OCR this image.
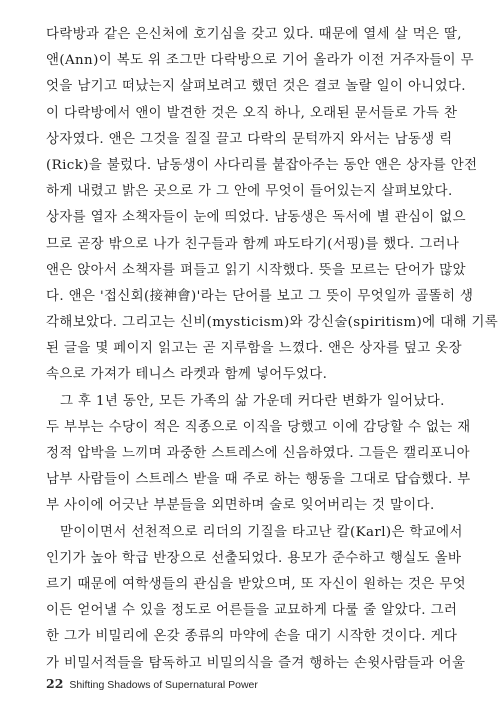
다락방과 같은 은신처에 호기심을 갖고 있다. 때문에 열세 살 먹은 딸,
앤(Ann)이 복도 위 조그만 다락방으로 기어 올라가 이전 거주자들이 무
엇을 남기고 떠났는지 살펴보려고 했던 것은 결코 놀랄 일이 아니었다.
이 다락방에서 앤이 발견한 것은 오직 하나, 오래된 문서들로 가득 찬
상자였다. 앤은 그것을 질질 끌고 다락의 문턱까지 와서는 남동생 릭
(Rick)을 불렀다. 남동생이 사다리를 붙잡아주는 동안 앤은 상자를 안전
하게 내렸고 밝은 곳으로 가 그 안에 무엇이 들어있는지 살펴보았다.
상자를 열자 소책자들이 눈에 띄었다. 남동생은 독서에 별 관심이 없으
므로 곧장 밖으로 나가 친구들과 함께 파도타기(서핑)를 했다. 그러나
앤은 앉아서 소책자를 펴들고 읽기 시작했다. 뜻을 모르는 단어가 많았
다. 앤은 '접신회(接神會)'라는 단어를 보고 그 뜻이 무엇일까 골똘히 생
각해보았다. 그리고는 신비(mysticism)와 강신술(spiritism)에 대해 기록
된 글을 몇 페이지 읽고는 곧 지루함을 느꼈다. 앤은 상자를 덮고 옷장
속으로 가져가 테니스 라켓과 함께 넣어두었다.
그 후 1년 동안, 모든 가족의 삶 가운데 커다란 변화가 일어났다.
두 부부는 수당이 적은 직종으로 이직을 당했고 이에 감당할 수 없는 재
정적 압박을 느끼며 과중한 스트레스에 신음하였다. 그들은 캘리포니아
남부 사람들이 스트레스 받을 때 주로 하는 행동을 그대로 답습했다. 부
부 사이에 어긋난 부분들을 외면하며 술로 잊어버리는 것 말이다.
맏이이면서 선천적으로 리더의 기질을 타고난 칼(Karl)은 학교에서
인기가 높아 학급 반장으로 선출되었다. 용모가 준수하고 행실도 올바
르기 때문에 여학생들의 관심을 받았으며, 또 자신이 원하는 것은 무엇
이든 얻어낼 수 있을 정도로 어른들을 교묘하게 다룰 줄 알았다. 그러
한 그가 비밀리에 온갖 종류의 마약에 손을 대기 시작한 것이다. 게다
가 비밀서적들을 탐독하고 비밀의식을 즐겨 행하는 손윗사람들과 어울
22 Shifting Shadows of Supernatural Power
